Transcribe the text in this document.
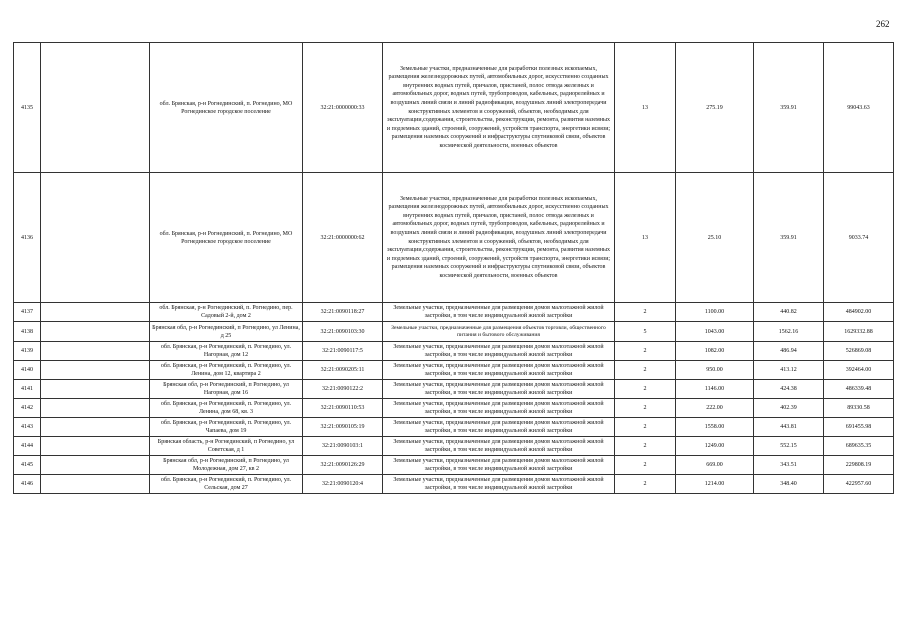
262
4135		обл. Брянская, р-н Рогнединский, п. Рогнедино, МО Рогнединское городское поселение	32:21:0000000:33	Земельные участки, предназначенные для разработки полезных ископаемых, размещения железнодорожных путей, автомобильных дорог, искусственно созданных внутренних водных путей, причалов, пристаней, полос отвода железных и автомобильных дорог, водных путей, трубопроводов, кабельных, радиорелейных и воздушных линий связи и линий радиофикации, воздушных линий электропередачи конструктивных элементов и сооружений, объектов, необходимых для эксплуатации,содержания, строительства, реконструкции, ремонта, развития наземных и подземных зданий, строений, сооружений, устройств транспорта, энергетики исвязи; размещения наземных сооружений и инфраструктуры спутниковой связи, объектов космической деятельности, военных объектов	13	275.19	359.91	99043.63
4136		обл. Брянская, р-н Рогнединский, п. Рогнедино, МО Рогнединское городское поселение	32:21:0000000:62	Земельные участки, предназначенные для разработки полезных ископаемых, размещения железнодорожных путей, автомобильных дорог, искусственно созданных внутренних водных путей, причалов, пристаней, полос отвода железных и автомобильных дорог, водных путей, трубопроводов, кабельных, радиорелейных и воздушных линий связи и линий радиофикации, воздушных линий электропередачи конструктивных элементов и сооружений, объектов, необходимых для эксплуатации,содержания, строительства, реконструкции, ремонта, развития наземных и подземных зданий, строений, сооружений, устройств транспорта, энергетики исвязи; размещения наземных сооружений и инфраструктуры спутниковой связи, объектов космической деятельности, военных объектов	13	25.10	359.91	9033.74
4137		обл. Брянская, р-н Рогнединский, п. Рогнедино, пер. Садовый 2-й, дом 2	32:21:0090118:27	Земельные участки, предназначенные для размещения домов малоэтажной жилой застройки, в том числе индивидуальной жилой застройки	2	1100.00	440.82	484902.00
4138		Брянская обл, р-н Рогнединский, п Рогнедино, ул Ленина, д 25	32:21:0090103:30	Земельные участки, предназначенные для размещения объектов торговли, общественного питания и бытового обслуживания	5	1043.00	1562.16	1629332.88
4139		обл. Брянская, р-н Рогнединский, п. Рогнедино, ул. Нагорная, дом 12	32:21:0090117:5	Земельные участки, предназначенные для размещения домов малоэтажной жилой застройки, в том числе индивидуальной жилой застройки	2	1082.00	486.94	526869.08
4140		обл. Брянская, р-н Рогнединский, п. Рогнедино, ул. Ленина, дом 12, квартира 2	32:21:0090205:11	Земельные участки, предназначенные для размещения домов малоэтажной жилой застройки, в том числе индивидуальной жилой застройки	2	950.00	413.12	392464.00
4141		Брянская обл, р-н Рогнединский, п Рогнедино, ул Нагорная, дом 16	32:21:0090122:2	Земельные участки, предназначенные для размещения домов малоэтажной жилой застройки, в том числе индивидуальной жилой застройки	2	1146.00	424.38	486339.48
4142		обл. Брянская, р-н Рогнединский, п. Рогнедино, ул. Ленина, дом 68, кв. 3	32:21:0090110:53	Земельные участки, предназначенные для размещения домов малоэтажной жилой застройки, в том числе индивидуальной жилой застройки	2	222.00	402.39	89330.58
4143		обл. Брянская, р-н Рогнединский, п. Рогнедино, ул. Чапаева, дом 19	32:21:0090105:19	Земельные участки, предназначенные для размещения домов малоэтажной жилой застройки, в том числе индивидуальной жилой застройки	2	1558.00	443.81	691455.98
4144		Брянская область, р-н Рогнединский, п Рогнедино, ул Советская, д 1	32:21:0090103:1	Земельные участки, предназначенные для размещения домов малоэтажной жилой застройки, в том числе индивидуальной жилой застройки	2	1249.00	552.15	689635.35
4145		Брянская обл, р-н Рогнединский, п Рогнедино, ул Молодежная, дом 27, кв 2	32:21:0090126:29	Земельные участки, предназначенные для размещения домов малоэтажной жилой застройки, в том числе индивидуальной жилой застройки	2	669.00	343.51	229808.19
4146		обл. Брянская, р-н Рогнединский, п. Рогнедино, ул. Сельская, дом 27	32:21:0090120:4	Земельные участки, предназначенные для размещения домов малоэтажной жилой застройки, в том числе индивидуальной жилой застройки	2	1214.00	348.40	422957.60
